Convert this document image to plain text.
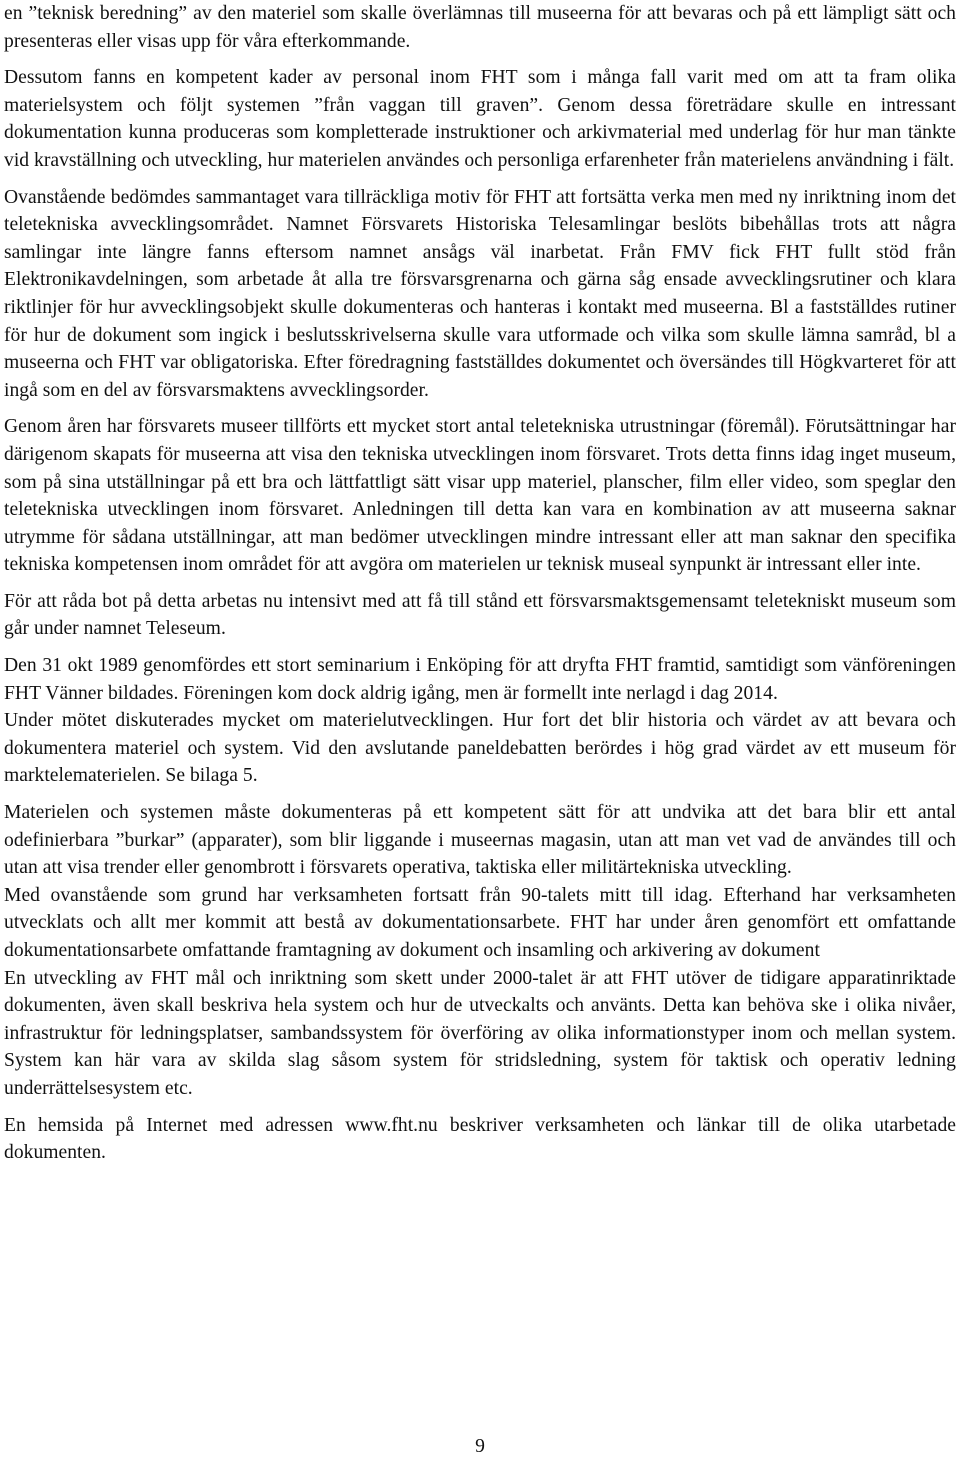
en ”teknisk beredning” av den materiel som skalle överlämnas till museerna för att bevaras och på ett lämpligt sätt och presenteras eller visas upp för våra efterkommande.

Dessutom fanns en kompetent kader av personal inom FHT som i många fall varit med om att ta fram olika materielsystem och följt systemen ”från vaggan till graven”. Genom dessa företrädare skulle en intressant dokumentation kunna produceras som kompletterade instruktioner och arkivmaterial med underlag för hur man tänkte vid kravställning och utveckling, hur materielen användes och personliga erfarenheter från materielens användning i fält.

Ovanstående bedömdes sammantaget vara tillräckliga motiv för FHT att fortsätta verka men med ny inriktning inom det teletekniska avvecklingsområdet. Namnet Försvarets Historiska Telesamlingar beslöts bibehållas trots att några samlingar inte längre fanns eftersom namnet ansågs väl inarbetat. Från FMV fick FHT fullt stöd från Elektronikavdelningen, som arbetade åt alla tre försvarsgrenarna och gärna såg ensade avvecklingsrutiner och klara riktlinjer för hur avvecklingsobjekt skulle dokumenteras och hanteras i kontakt med museerna. Bl a fastställdes rutiner för hur de dokument som ingick i beslutsskrivelserna skulle vara utformade och vilka som skulle lämna samråd, bl a museerna och FHT var obligatoriska. Efter föredragning fastställdes dokumentet och översändes till Högkvarteret för att ingå som en del av försvarsmaktens avvecklingsorder.

Genom åren har försvarets museer tillförts ett mycket stort antal teletekniska utrustningar (föremål). Förutsättningar har därigenom skapats för museerna att visa den tekniska utvecklingen inom försvaret. Trots detta finns idag inget museum, som på sina utställningar på ett bra och lättfattligt sätt visar upp materiel, planscher, film eller video, som speglar den teletekniska utvecklingen inom försvaret. Anledningen till detta kan vara en kombination av att museerna saknar utrymme för sådana utställningar, att man bedömer utvecklingen mindre intressant eller att man saknar den specifika tekniska kompetensen inom området för att avgöra om materielen ur teknisk museal synpunkt är intressant eller inte.

För att råda bot på detta arbetas nu intensivt med att få till stånd ett försvarsmaktsgemensamt teletekniskt museum som går under namnet Teleseum.

Den 31 okt 1989 genomfördes ett stort seminarium i Enköping för att dryfta FHT framtid, samtidigt som vänföreningen FHT Vänner bildades. Föreningen kom dock aldrig igång, men är formellt inte nerlagd i dag 2014.

Under mötet diskuterades mycket om materielutvecklingen. Hur fort det blir historia och värdet av att bevara och dokumentera materiel och system. Vid den avslutande paneldebatten berördes i hög grad värdet av ett museum för marktelematerielen. Se bilaga 5.

Materielen och systemen måste dokumenteras på ett kompetent sätt för att undvika att det bara blir ett antal odefinierbara ”burkar” (apparater), som blir liggande i museernas magasin, utan att man vet vad de användes till och utan att visa trender eller genombrott i försvarets operativa, taktiska eller militärtekniska utveckling.

Med ovanstående som grund har verksamheten fortsatt från 90-talets mitt till idag. Efterhand har verksamheten utvecklats och allt mer kommit att bestå av dokumentationsarbete. FHT har under åren genomfört ett omfattande dokumentationsarbete omfattande framtagning av dokument och insamling och arkivering av dokument

En utveckling av FHT mål och inriktning som skett under 2000-talet är att FHT utöver de tidigare apparatinriktade dokumenten, även skall beskriva hela system och hur de utveckalts och använts. Detta kan behöva ske i olika nivåer, infrastruktur för ledningsplatser, sambandssystem för överföring av olika informationstyper inom och mellan system. System kan här vara av skilda slag såsom system för stridsledning, system för taktisk och operativ ledning underrättelsesystem etc.

En hemsida på Internet med adressen www.fht.nu beskriver verksamheten och länkar till de olika utarbetade dokumenten.

9
